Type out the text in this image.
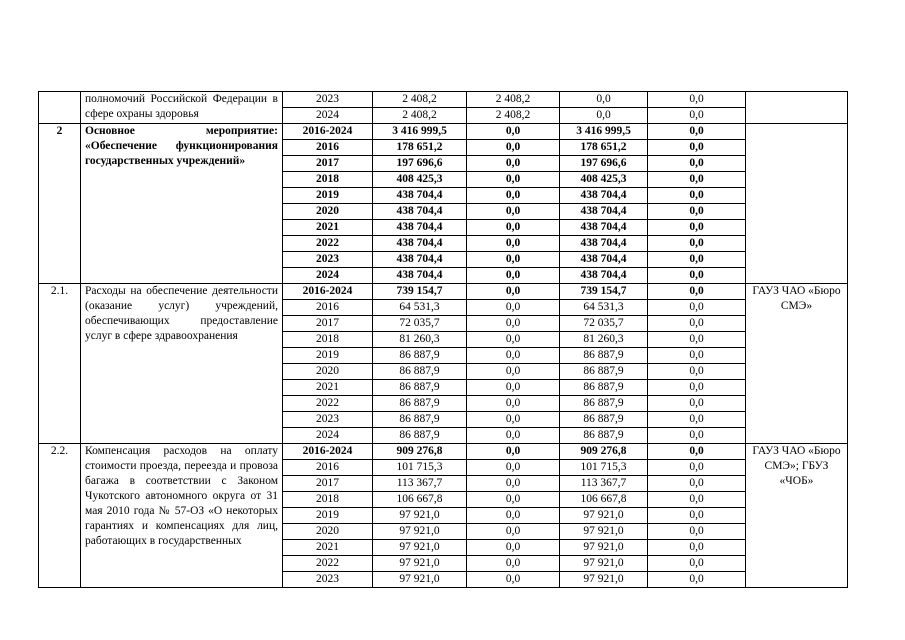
	полномочий Российской Федерации в сфере охраны здоровья	2023	2 408,2	2 408,2	0,0	0,0	
		2024	2 408,2	2 408,2	0,0	0,0	
2	Основное мероприятие: «Обеспечение функционирования государственных учреждений»	2016-2024	3 416 999,5	0,0	3 416 999,5	0,0	
		2016	178 651,2	0,0	178 651,2	0,0	
		2017	197 696,6	0,0	197 696,6	0,0	
		2018	408 425,3	0,0	408 425,3	0,0	
		2019	438 704,4	0,0	438 704,4	0,0	
		2020	438 704,4	0,0	438 704,4	0,0	
		2021	438 704,4	0,0	438 704,4	0,0	
		2022	438 704,4	0,0	438 704,4	0,0	
		2023	438 704,4	0,0	438 704,4	0,0	
		2024	438 704,4	0,0	438 704,4	0,0	
2.1.	Расходы на обеспечение деятельности (оказание услуг) учреждений, обеспечивающих предоставление услуг в сфере здравоохранения	2016-2024	739 154,7	0,0	739 154,7	0,0	ГАУЗ ЧАО «Бюро СМЭ»
		2016	64 531,3	0,0	64 531,3	0,0	
		2017	72 035,7	0,0	72 035,7	0,0	
		2018	81 260,3	0,0	81 260,3	0,0	
		2019	86 887,9	0,0	86 887,9	0,0	
		2020	86 887,9	0,0	86 887,9	0,0	
		2021	86 887,9	0,0	86 887,9	0,0	
		2022	86 887,9	0,0	86 887,9	0,0	
		2023	86 887,9	0,0	86 887,9	0,0	
		2024	86 887,9	0,0	86 887,9	0,0	
2.2.	Компенсация расходов на оплату стоимости проезда, переезда и провоза багажа в соответствии с Законом Чукотского автономного округа от 31 мая 2010 года № 57-ОЗ «О некоторых гарантиях и компенсациях для лиц, работающих в государственных	2016-2024	909 276,8	0,0	909 276,8	0,0	ГАУЗ ЧАО «Бюро СМЭ»; ГБУЗ «ЧОБ»
		2016	101 715,3	0,0	101 715,3	0,0	
		2017	113 367,7	0,0	113 367,7	0,0	
		2018	106 667,8	0,0	106 667,8	0,0	
		2019	97 921,0	0,0	97 921,0	0,0	
		2020	97 921,0	0,0	97 921,0	0,0	
		2021	97 921,0	0,0	97 921,0	0,0	
		2022	97 921,0	0,0	97 921,0	0,0	
		2023	97 921,0	0,0	97 921,0	0,0	
